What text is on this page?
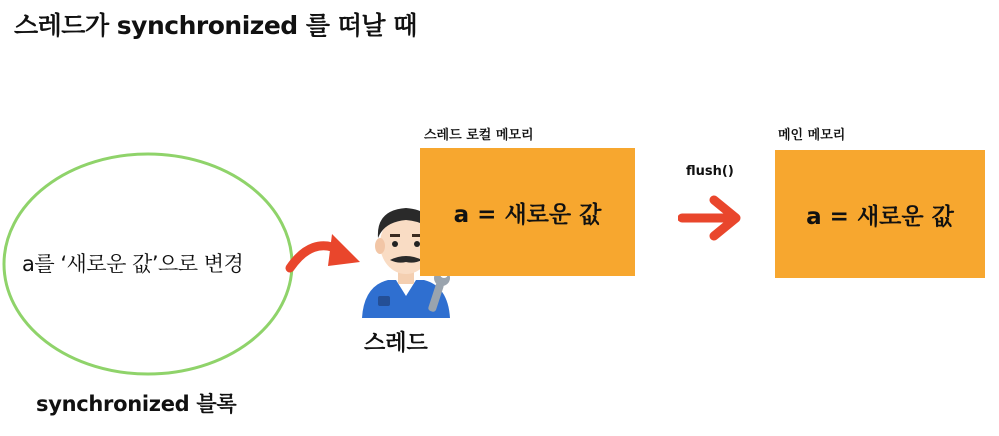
스레드가 synchronized 를 떠날 때
a를 ‘새로운 값’으로 변경
synchronized 블록
스레드
스레드 로컬 메모리
a = 새로운 값
flush()
메인 메모리
a = 새로운 값
